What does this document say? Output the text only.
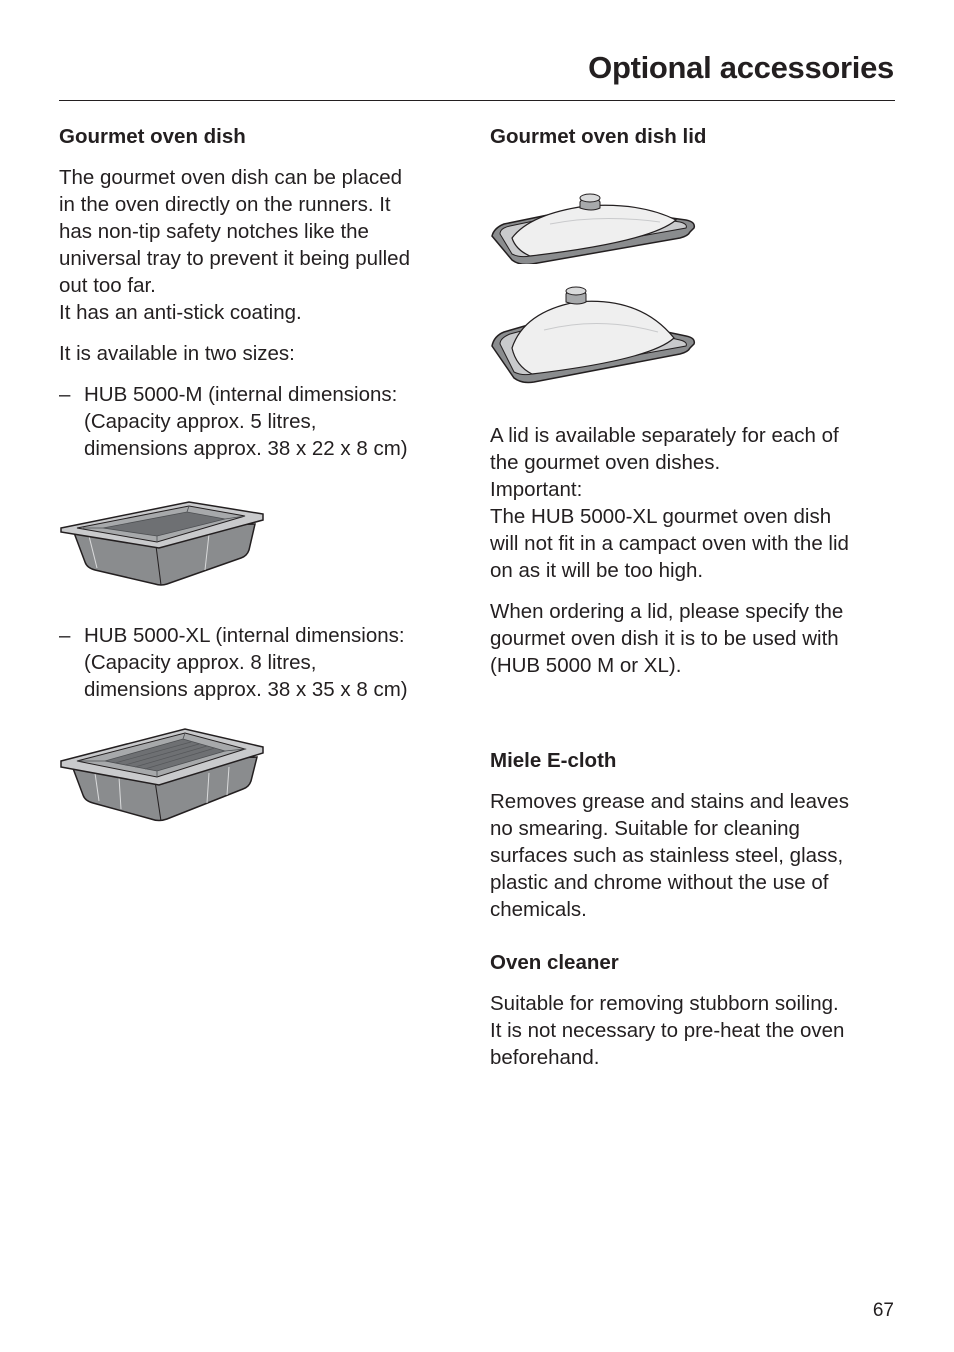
Optional accessories
Gourmet oven dish

The gourmet oven dish can be placed
in the oven directly on the runners. It
has non-tip safety notches like the
universal tray to prevent it being pulled
out too far.
It has an anti-stick coating.

It is available in two sizes:

– HUB 5000-M (internal dimensions:
(Capacity approx. 5 litres,
dimensions approx. 38 x 22 x 8 cm)
– HUB 5000-XL (internal dimensions:
(Capacity approx. 8 litres,
dimensions approx. 38 x 35 x 8 cm)
Gourmet oven dish lid

A lid is available separately for each of
the gourmet oven dishes.
Important:
The HUB 5000-XL gourmet oven dish
will not fit in a campact oven with the lid
on as it will be too high.

When ordering a lid, please specify the
gourmet oven dish it is to be used with
(HUB 5000 M or XL).

Miele E-cloth

Removes grease and stains and leaves
no smearing. Suitable for cleaning
surfaces such as stainless steel, glass,
plastic and chrome without the use of
chemicals.

Oven cleaner

Suitable for removing stubborn soiling.
It is not necessary to pre-heat the oven
beforehand.

67
